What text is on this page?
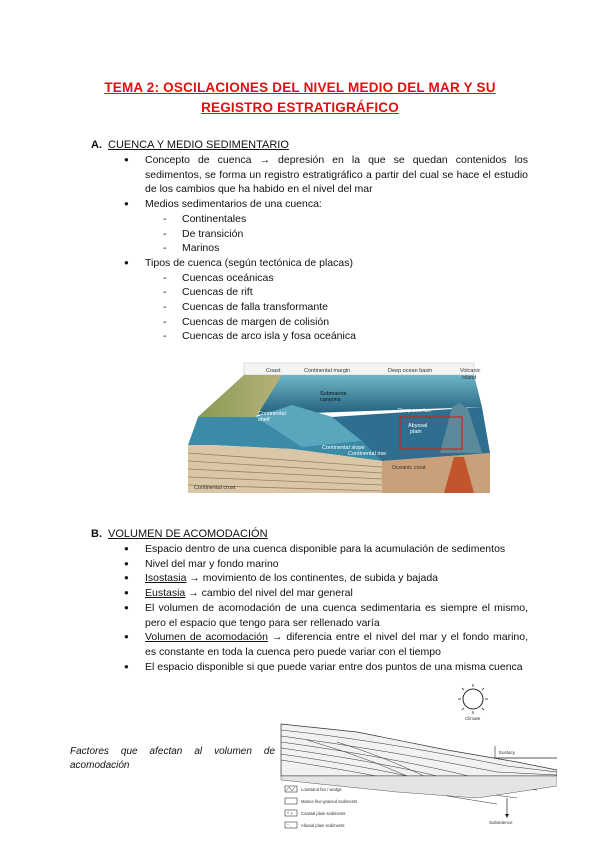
TEMA 2: OSCILACIONES DEL NIVEL MEDIO DEL MAR Y SU
REGISTRO ESTRATIGRÁFICO
A. CUENCA Y MEDIO SEDIMENTARIO
● Concepto de cuenca → depresión en la que se quedan contenidos los sedimentos, se forma un registro estratigráfico a partir del cual se hace el estudio de los cambios que ha habido en el nivel del mar
● Medios sedimentarios de una cuenca:
- Continentales
- De transición
- Marinos
● Tipos de cuenca (según tectónica de placas)
- Cuencas oceánicas
- Cuencas de rift
- Cuencas de falla transformante
- Cuencas de margen de colisión
- Cuencas de arco isla y fosa oceánica
Coast	Continental margin	Deep ocean basin	Volcanic
island
Submarine
canyons
Continental
shelf
Deep sea fan
Abyssal
plain
Continental slope
Continental rise
Continental crust
Oceanic crust
B. VOLUMEN DE ACOMODACIÓN
● Espacio dentro de una cuenca disponible para la acumulación de sedimentos
● Nivel del mar y fondo marino
● Isostasia → movimiento de los continentes, de subida y bajada
● Eustasia → cambio del nivel del mar general
● El volumen de acomodación de una cuenca sedimentaria es siempre el mismo, pero el espacio que tengo para ser rellenado varía
● Volumen de acomodación → diferencia entre el nivel del mar y el fondo marino, es constante en toda la cuenca pero puede variar con el tiempo
● El espacio disponible si que puede variar entre dos puntos de una misma cuenca
Factores que afectan al volumen de acomodación
Climate
Eustacy
Subsidence
Lowstand fan / wedge
Marine fine-grained sediments
^ + Coastal plain sediments
° . Alluvial plain sediments
